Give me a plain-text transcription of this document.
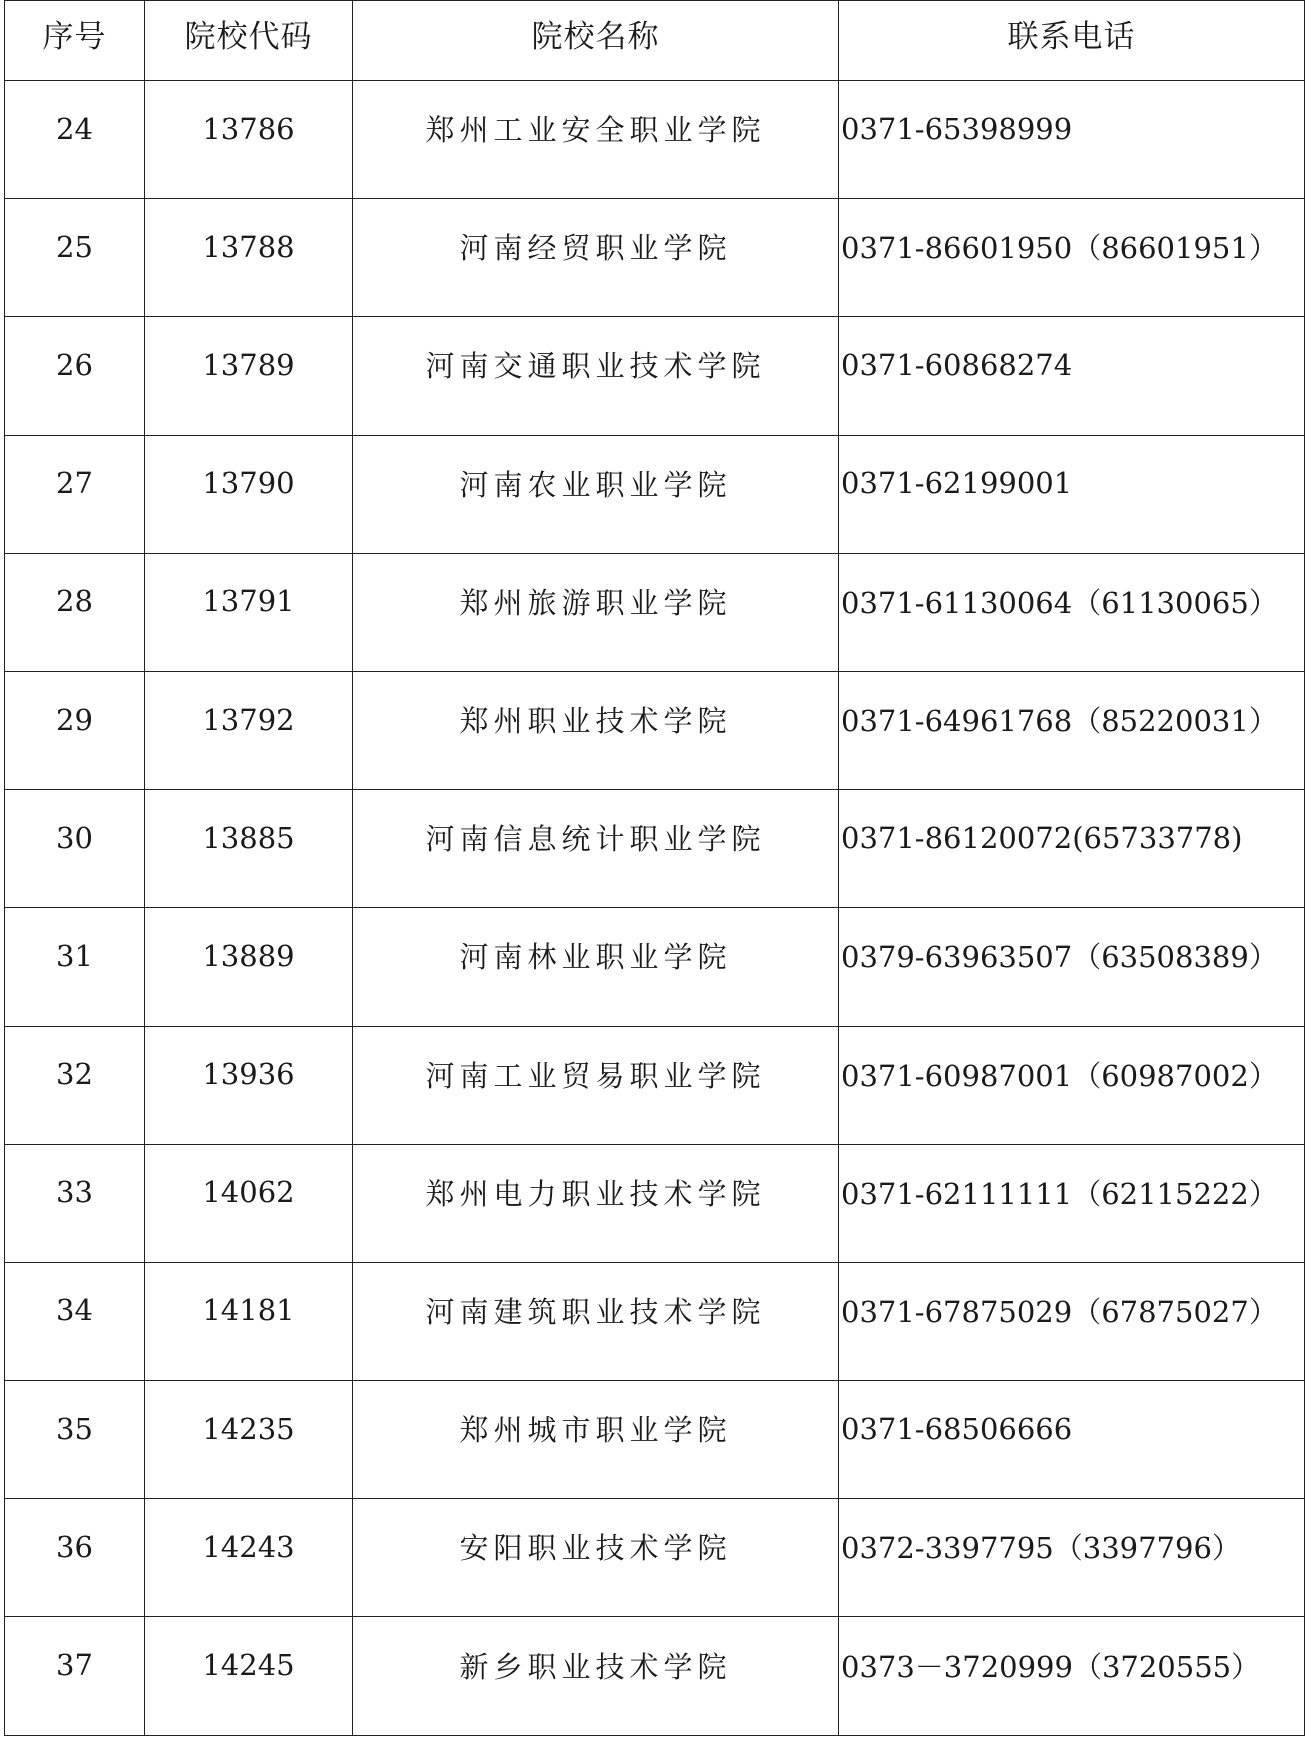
序号	院校代码	院校名称	联系电话
24	13786	郑州工业安全职业学院	0371-65398999
25	13788	河南经贸职业学院	0371-86601950（86601951）
26	13789	河南交通职业技术学院	0371-60868274
27	13790	河南农业职业学院	0371-62199001
28	13791	郑州旅游职业学院	0371-61130064（61130065）
29	13792	郑州职业技术学院	0371-64961768（85220031）
30	13885	河南信息统计职业学院	0371-86120072(65733778)
31	13889	河南林业职业学院	0379-63963507（63508389）
32	13936	河南工业贸易职业学院	0371-60987001（60987002）
33	14062	郑州电力职业技术学院	0371-62111111（62115222）
34	14181	河南建筑职业技术学院	0371-67875029（67875027）
35	14235	郑州城市职业学院	0371-68506666
36	14243	安阳职业技术学院	0372-3397795（3397796）
37	14245	新乡职业技术学院	0373－3720999（3720555）
